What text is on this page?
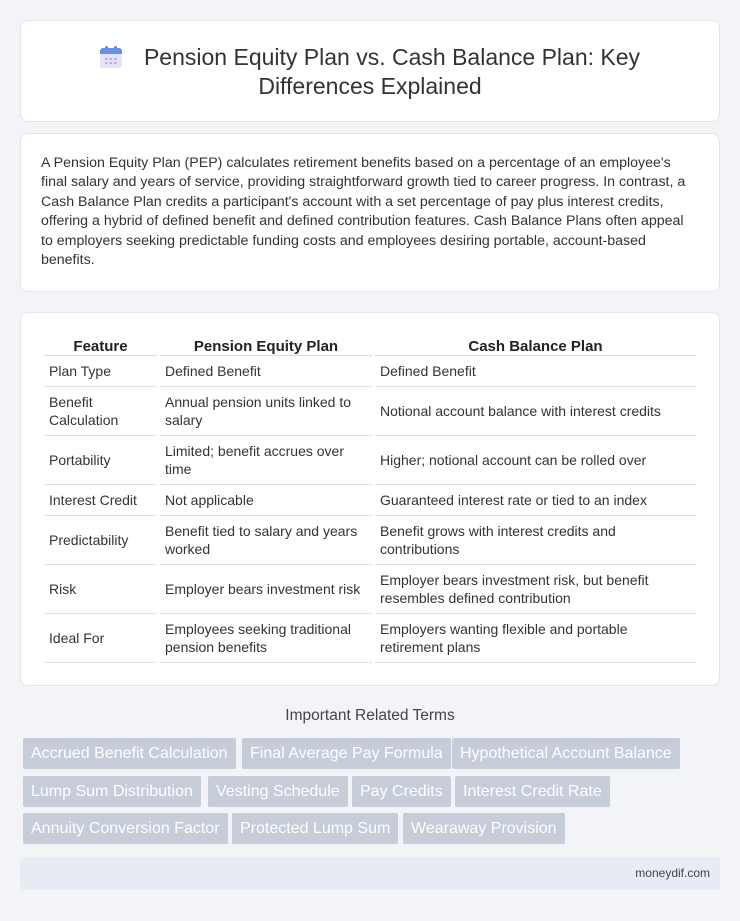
Pension Equity Plan vs. Cash Balance Plan: Key Differences Explained

A Pension Equity Plan (PEP) calculates retirement benefits based on a percentage of an employee's final salary and years of service, providing straightforward growth tied to career progress. In contrast, a Cash Balance Plan credits a participant's account with a set percentage of pay plus interest credits, offering a hybrid of defined benefit and defined contribution features. Cash Balance Plans often appeal to employers seeking predictable funding costs and employees desiring portable, account-based benefits.

Feature	Pension Equity Plan	Cash Balance Plan
Plan Type	Defined Benefit	Defined Benefit
Benefit Calculation	Annual pension units linked to salary	Notional account balance with interest credits
Portability	Limited; benefit accrues over time	Higher; notional account can be rolled over
Interest Credit	Not applicable	Guaranteed interest rate or tied to an index
Predictability	Benefit tied to salary and years worked	Benefit grows with interest credits and contributions
Risk	Employer bears investment risk	Employer bears investment risk, but benefit resembles defined contribution
Ideal For	Employees seeking traditional pension benefits	Employers wanting flexible and portable retirement plans
Important Related Terms
Accrued Benefit Calculation	Final Average Pay Formula	Hypothetical Account Balance
Lump Sum Distribution	Vesting Schedule	Pay Credits	Interest Credit Rate
Annuity Conversion Factor	Protected Lump Sum	Wearaway Provision
moneydif.com
